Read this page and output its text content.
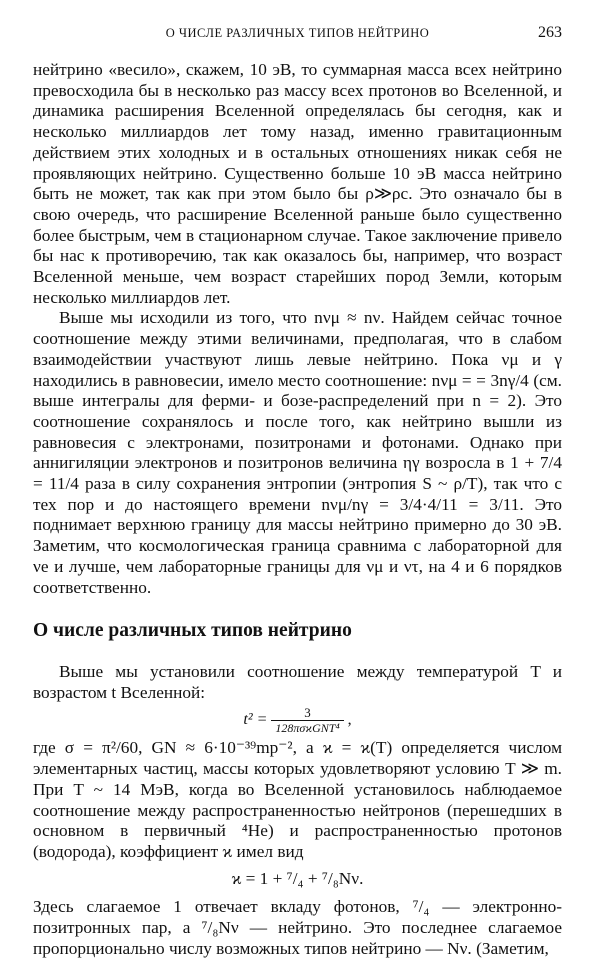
О ЧИСЛЕ РАЗЛИЧНЫХ ТИПОВ НЕЙТРИНО	263

нейтрино «весило», скажем, 10 эВ, то суммарная масса всех нейтрино превосходила бы в несколько раз массу всех протонов во Вселенной, и динамика расширения Вселенной определялась бы сегодня, как и несколько миллиардов лет тому назад, именно гравитационным действием этих холодных и в остальных отношениях никак себя не проявляющих нейтрино. Существенно больше 10 эВ масса нейтрино быть не может, так как при этом было бы ρ≫ρc. Это означало бы в свою очередь, что расширение Вселенной раньше было существенно более быстрым, чем в стационарном случае. Такое заключение привело бы нас к противоречию, так как оказалось бы, например, что возраст Вселенной меньше, чем возраст старейших пород Земли, которым несколько миллиардов лет.

Выше мы исходили из того, что nνμ ≈ nν. Найдем сейчас точное соотношение между этими величинами, предполагая, что в слабом взаимодействии участвуют лишь левые нейтрино. Пока νμ и γ находились в равновесии, имело место соотношение: nνμ = = 3nγ/4 (см. выше интегралы для ферми- и бозе-распределений при n = 2). Это соотношение сохранялось и после того, как нейтрино вышли из равновесия с электронами, позитронами и фотонами. Однако при аннигиляции электронов и позитронов величина ηγ возросла в 1 + 7/4 = 11/4 раза в силу сохранения энтропии (энтропия S ~ ρ/T), так что с тех пор и до настоящего времени nνμ/nγ = 3/4·4/11 = 3/11. Это поднимает верхнюю границу для массы нейтрино примерно до 30 эВ. Заметим, что космологическая граница сравнима с лабораторной для νe и лучше, чем лабораторные границы для νμ и ντ, на 4 и 6 порядков соответственно.

О числе различных типов нейтрино

Выше мы установили соотношение между температурой T и возрастом t Вселенной:

$t^2 = \frac{3}{\text{128πσϰGNT⁴}}$ ,

где σ = π²/60, GN ≈ 6·10⁻³⁹mp⁻², а ϰ = ϰ(T) определяется числом элементарных частиц, массы которых удовлетворяют условию T ≫ m. При T ~ 14 МэВ, когда во Вселенной установилось наблюдаемое соотношение между распространенностью нейтронов (перешедших в основном в первичный ⁴He) и распространенностью протонов (водорода), коэффициент ϰ имел вид

ϰ = 1 + ⁷/₄ + ⁷/₈Nν.

Здесь слагаемое 1 отвечает вкладу фотонов, ⁷/₄ — электронно-позитронных пар, а ⁷/₈Nν — нейтрино. Это последнее слагаемое пропорционально числу возможных типов нейтрино — Nν. (Заметим,
